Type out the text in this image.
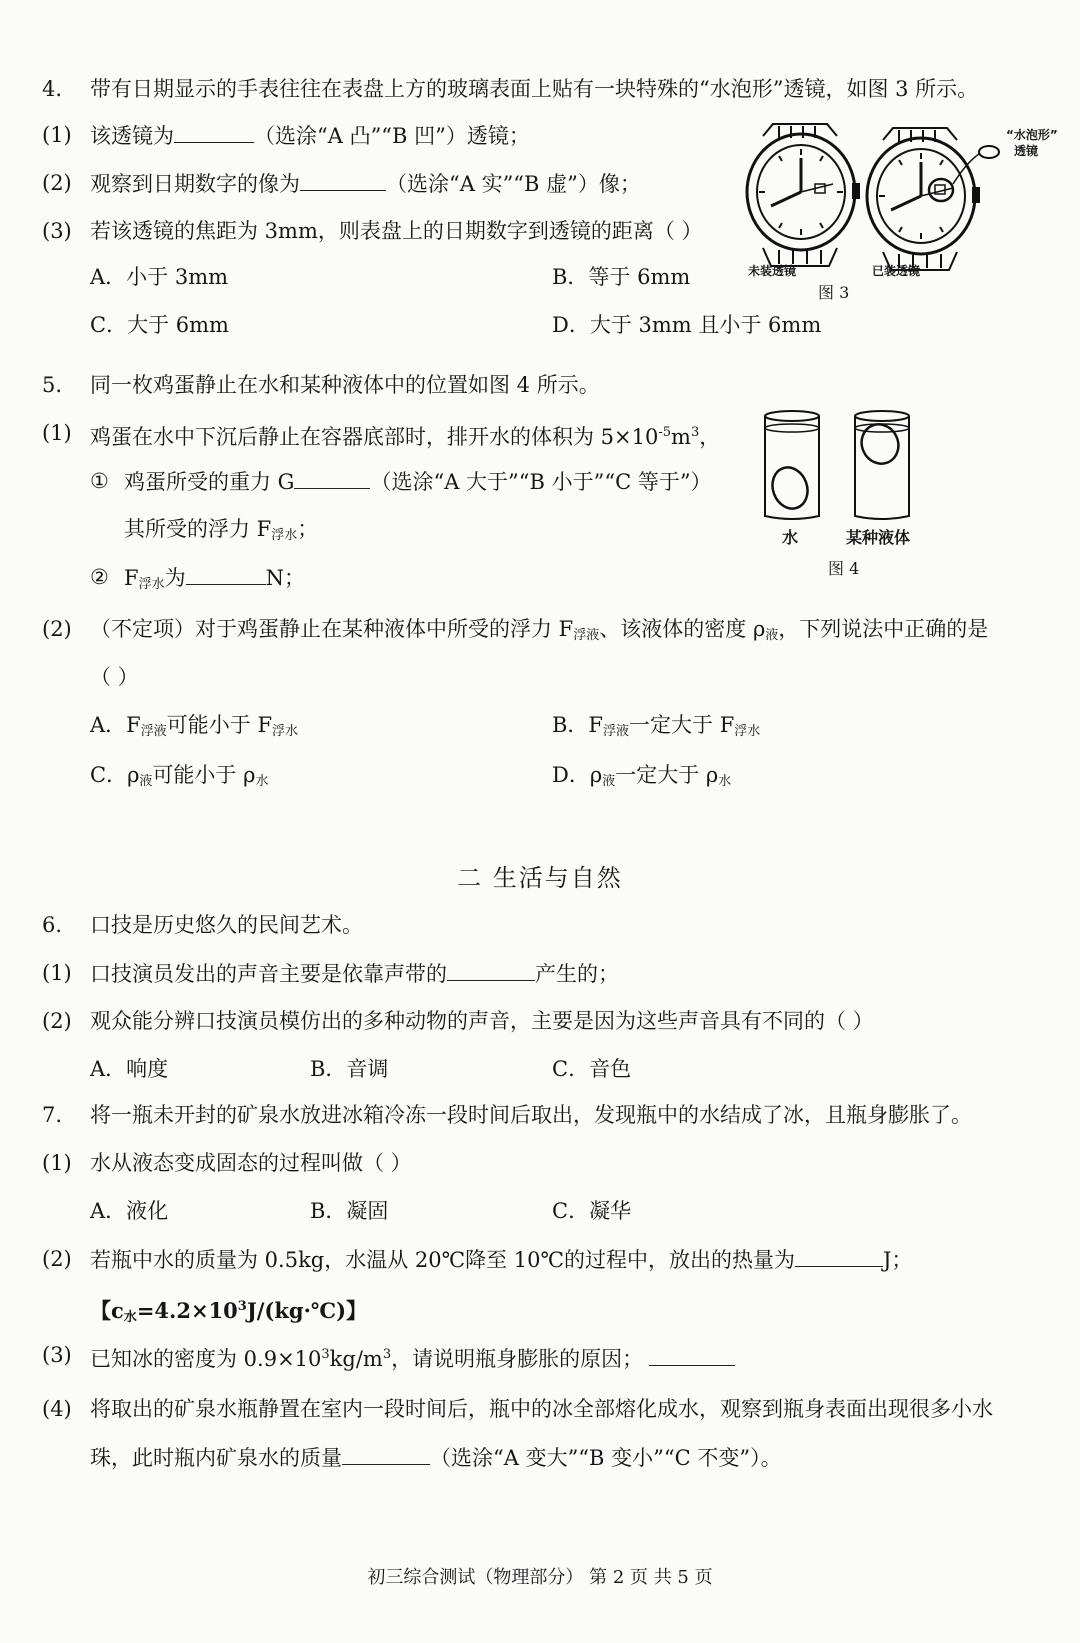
4. 带有日期显示的手表往往在表盘上方的玻璃表面上贴有一块特殊的“水泡形”透镜，如图 3 所示。
(1) 该透镜为	（选涂“A 凸”“B 凹”）透镜；
(2) 观察到日期数字的像为	（选涂“A 实”“B 虚”）像；
(3) 若该透镜的焦距为 3mm，则表盘上的日期数字到透镜的距离（ ）
A．小于 3mm	B．等于 6mm
C．大于 6mm	D．大于 3mm 且小于 6mm
“水泡形”
透镜
未装透镜	已装透镜
图 3
5. 同一枚鸡蛋静止在水和某种液体中的位置如图 4 所示。
(1) 鸡蛋在水中下沉后静止在容器底部时，排开水的体积为 $5\times 10^{-5}m^3$，
① 鸡蛋所受的重力 G	（选涂“A 大于”“B 小于”“C 等于”）
其所受的浮力 $F_{浮水}$；
② $F_{浮水}$为	N；
水	某种液体
图 4
(2) （不定项）对于鸡蛋静止在某种液体中所受的浮力 $F_{浮液}$、该液体的密度 $\rho_液$，下列说法中正确的是
（ ）
A．$F_{浮液}$可能小于 $F_{浮水}$	B．$F_{浮液}$一定大于 $F_{浮水}$
C．$\rho_液$可能小于 $\rho_水$	D．$\rho_液$一定大于 $\rho_水$
二 生活与自然
6. 口技是历史悠久的民间艺术。
(1) 口技演员发出的声音主要是依靠声带的	产生的；
(2) 观众能分辨口技演员模仿出的多种动物的声音，主要是因为这些声音具有不同的（ ）
A．响度	B．音调	C．音色
7. 将一瓶未开封的矿泉水放进冰箱冷冻一段时间后取出，发现瓶中的水结成了冰，且瓶身膨胀了。
(1) 水从液态变成固态的过程叫做（ ）
A．液化	B．凝固	C．凝华
(2) 若瓶中水的质量为 0.5kg，水温从 20℃降至 10℃的过程中，放出的热量为	J；
【$c_水=4.2\times 10^3J/(kg\cdot℃)$】
(3) 已知冰的密度为 $0.9\times 10^3kg/m^3$，请说明瓶身膨胀的原因；
(4) 将取出的矿泉水瓶静置在室内一段时间后，瓶中的冰全部熔化成水，观察到瓶身表面出现很多小水
珠，此时瓶内矿泉水的质量	（选涂“A 变大”“B 变小”“C 不变”）。
初三综合测试（物理部分） 第 2 页 共 5 页
